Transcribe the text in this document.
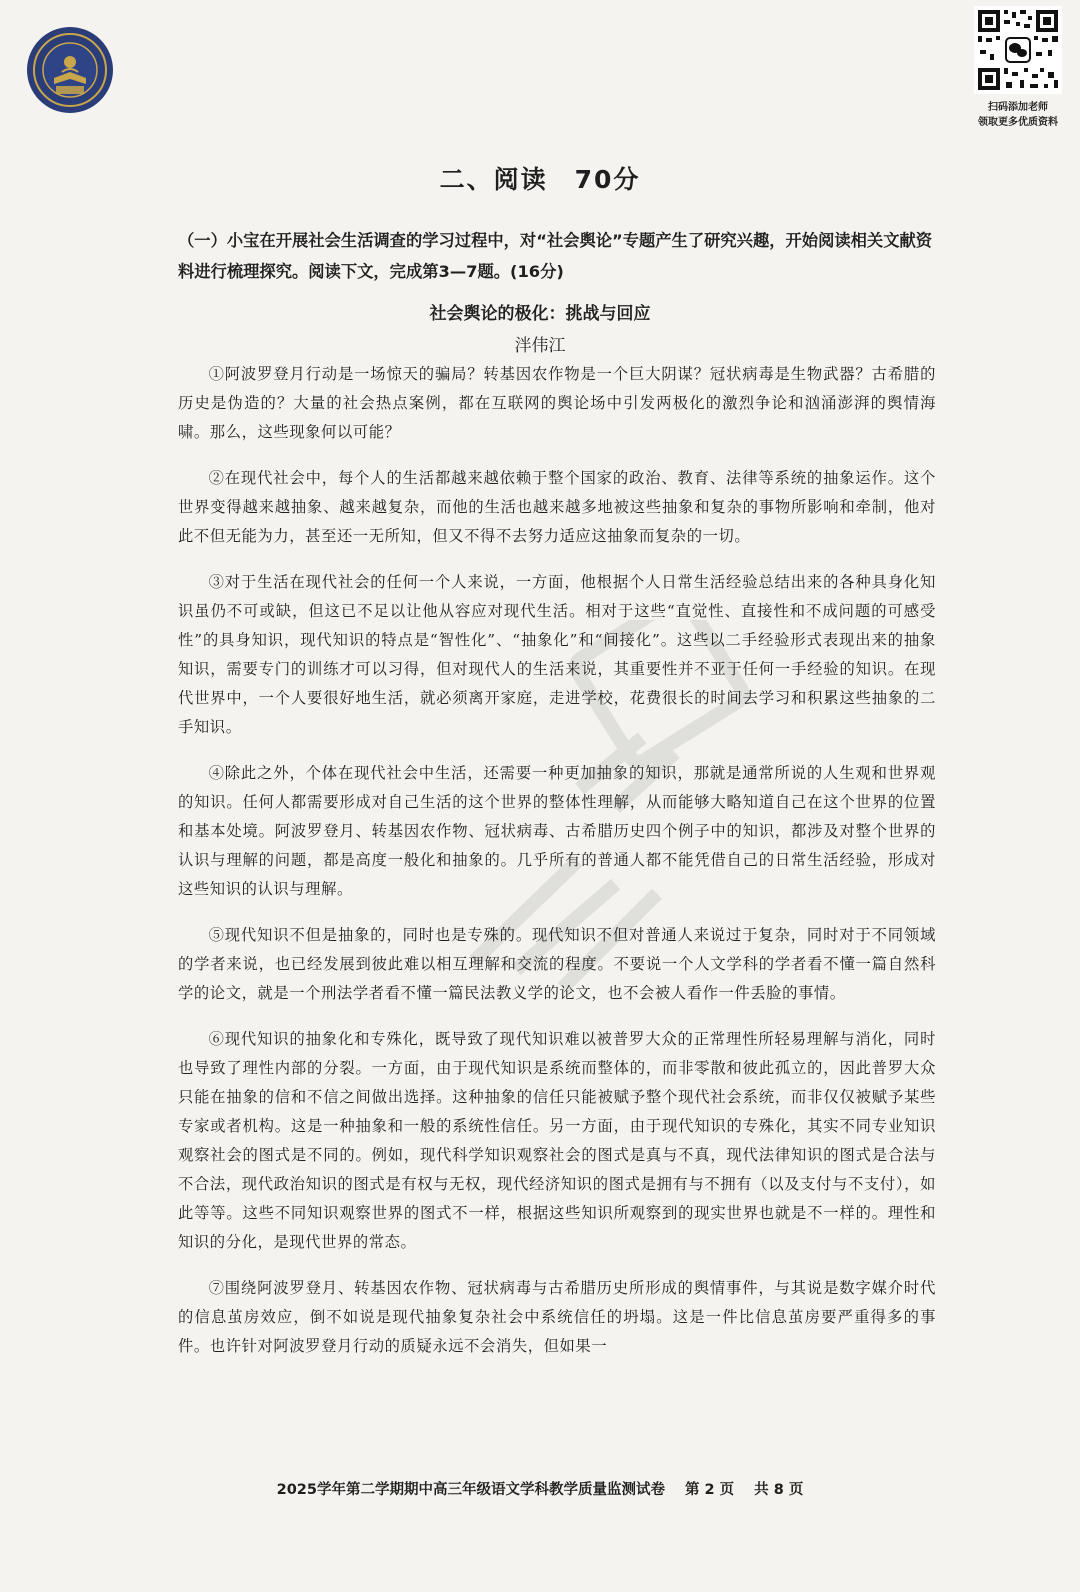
扫码添加老师
领取更多优质资料
二、阅读　70分
（一）小宝在开展社会生活调查的学习过程中，对“社会舆论”专题产生了研究兴趣，开始阅读相关文献资料进行梳理探究。阅读下文，完成第3—7题。(16分)
社会舆论的极化：挑战与回应
泮伟江

①阿波罗登月行动是一场惊天的骗局？转基因农作物是一个巨大阴谋？冠状病毒是生物武器？古希腊的历史是伪造的？大量的社会热点案例，都在互联网的舆论场中引发两极化的激烈争论和汹涌澎湃的舆情海啸。那么，这些现象何以可能？

②在现代社会中，每个人的生活都越来越依赖于整个国家的政治、教育、法律等系统的抽象运作。这个世界变得越来越抽象、越来越复杂，而他的生活也越来越多地被这些抽象和复杂的事物所影响和牵制，他对此不但无能为力，甚至还一无所知，但又不得不去努力适应这抽象而复杂的一切。

③对于生活在现代社会的任何一个人来说，一方面，他根据个人日常生活经验总结出来的各种具身化知识虽仍不可或缺，但这已不足以让他从容应对现代生活。相对于这些“直觉性、直接性和不成问题的可感受性”的具身知识，现代知识的特点是“智性化”、“抽象化”和“间接化”。这些以二手经验形式表现出来的抽象知识，需要专门的训练才可以习得，但对现代人的生活来说，其重要性并不亚于任何一手经验的知识。在现代世界中，一个人要很好地生活，就必须离开家庭，走进学校，花费很长的时间去学习和积累这些抽象的二手知识。

④除此之外，个体在现代社会中生活，还需要一种更加抽象的知识，那就是通常所说的人生观和世界观的知识。任何人都需要形成对自己生活的这个世界的整体性理解，从而能够大略知道自己在这个世界的位置和基本处境。阿波罗登月、转基因农作物、冠状病毒、古希腊历史四个例子中的知识，都涉及对整个世界的认识与理解的问题，都是高度一般化和抽象的。几乎所有的普通人都不能凭借自己的日常生活经验，形成对这些知识的认识与理解。

⑤现代知识不但是抽象的，同时也是专殊的。现代知识不但对普通人来说过于复杂，同时对于不同领域的学者来说，也已经发展到彼此难以相互理解和交流的程度。不要说一个人文学科的学者看不懂一篇自然科学的论文，就是一个刑法学者看不懂一篇民法教义学的论文，也不会被人看作一件丢脸的事情。

⑥现代知识的抽象化和专殊化，既导致了现代知识难以被普罗大众的正常理性所轻易理解与消化，同时也导致了理性内部的分裂。一方面，由于现代知识是系统而整体的，而非零散和彼此孤立的，因此普罗大众只能在抽象的信和不信之间做出选择。这种抽象的信任只能被赋予整个现代社会系统，而非仅仅被赋予某些专家或者机构。这是一种抽象和一般的系统性信任。另一方面，由于现代知识的专殊化，其实不同专业知识观察社会的图式是不同的。例如，现代科学知识观察社会的图式是真与不真，现代法律知识的图式是合法与不合法，现代政治知识的图式是有权与无权，现代经济知识的图式是拥有与不拥有（以及支付与不支付），如此等等。这些不同知识观察世界的图式不一样，根据这些知识所观察到的现实世界也就是不一样的。理性和知识的分化，是现代世界的常态。

⑦围绕阿波罗登月、转基因农作物、冠状病毒与古希腊历史所形成的舆情事件，与其说是数字媒介时代的信息茧房效应，倒不如说是现代抽象复杂社会中系统信任的坍塌。这是一件比信息茧房要严重得多的事件。也许针对阿波罗登月行动的质疑永远不会消失，但如果一

2025学年第二学期期中高三年级语文学科教学质量监测试卷 第 2 页 共 8 页
